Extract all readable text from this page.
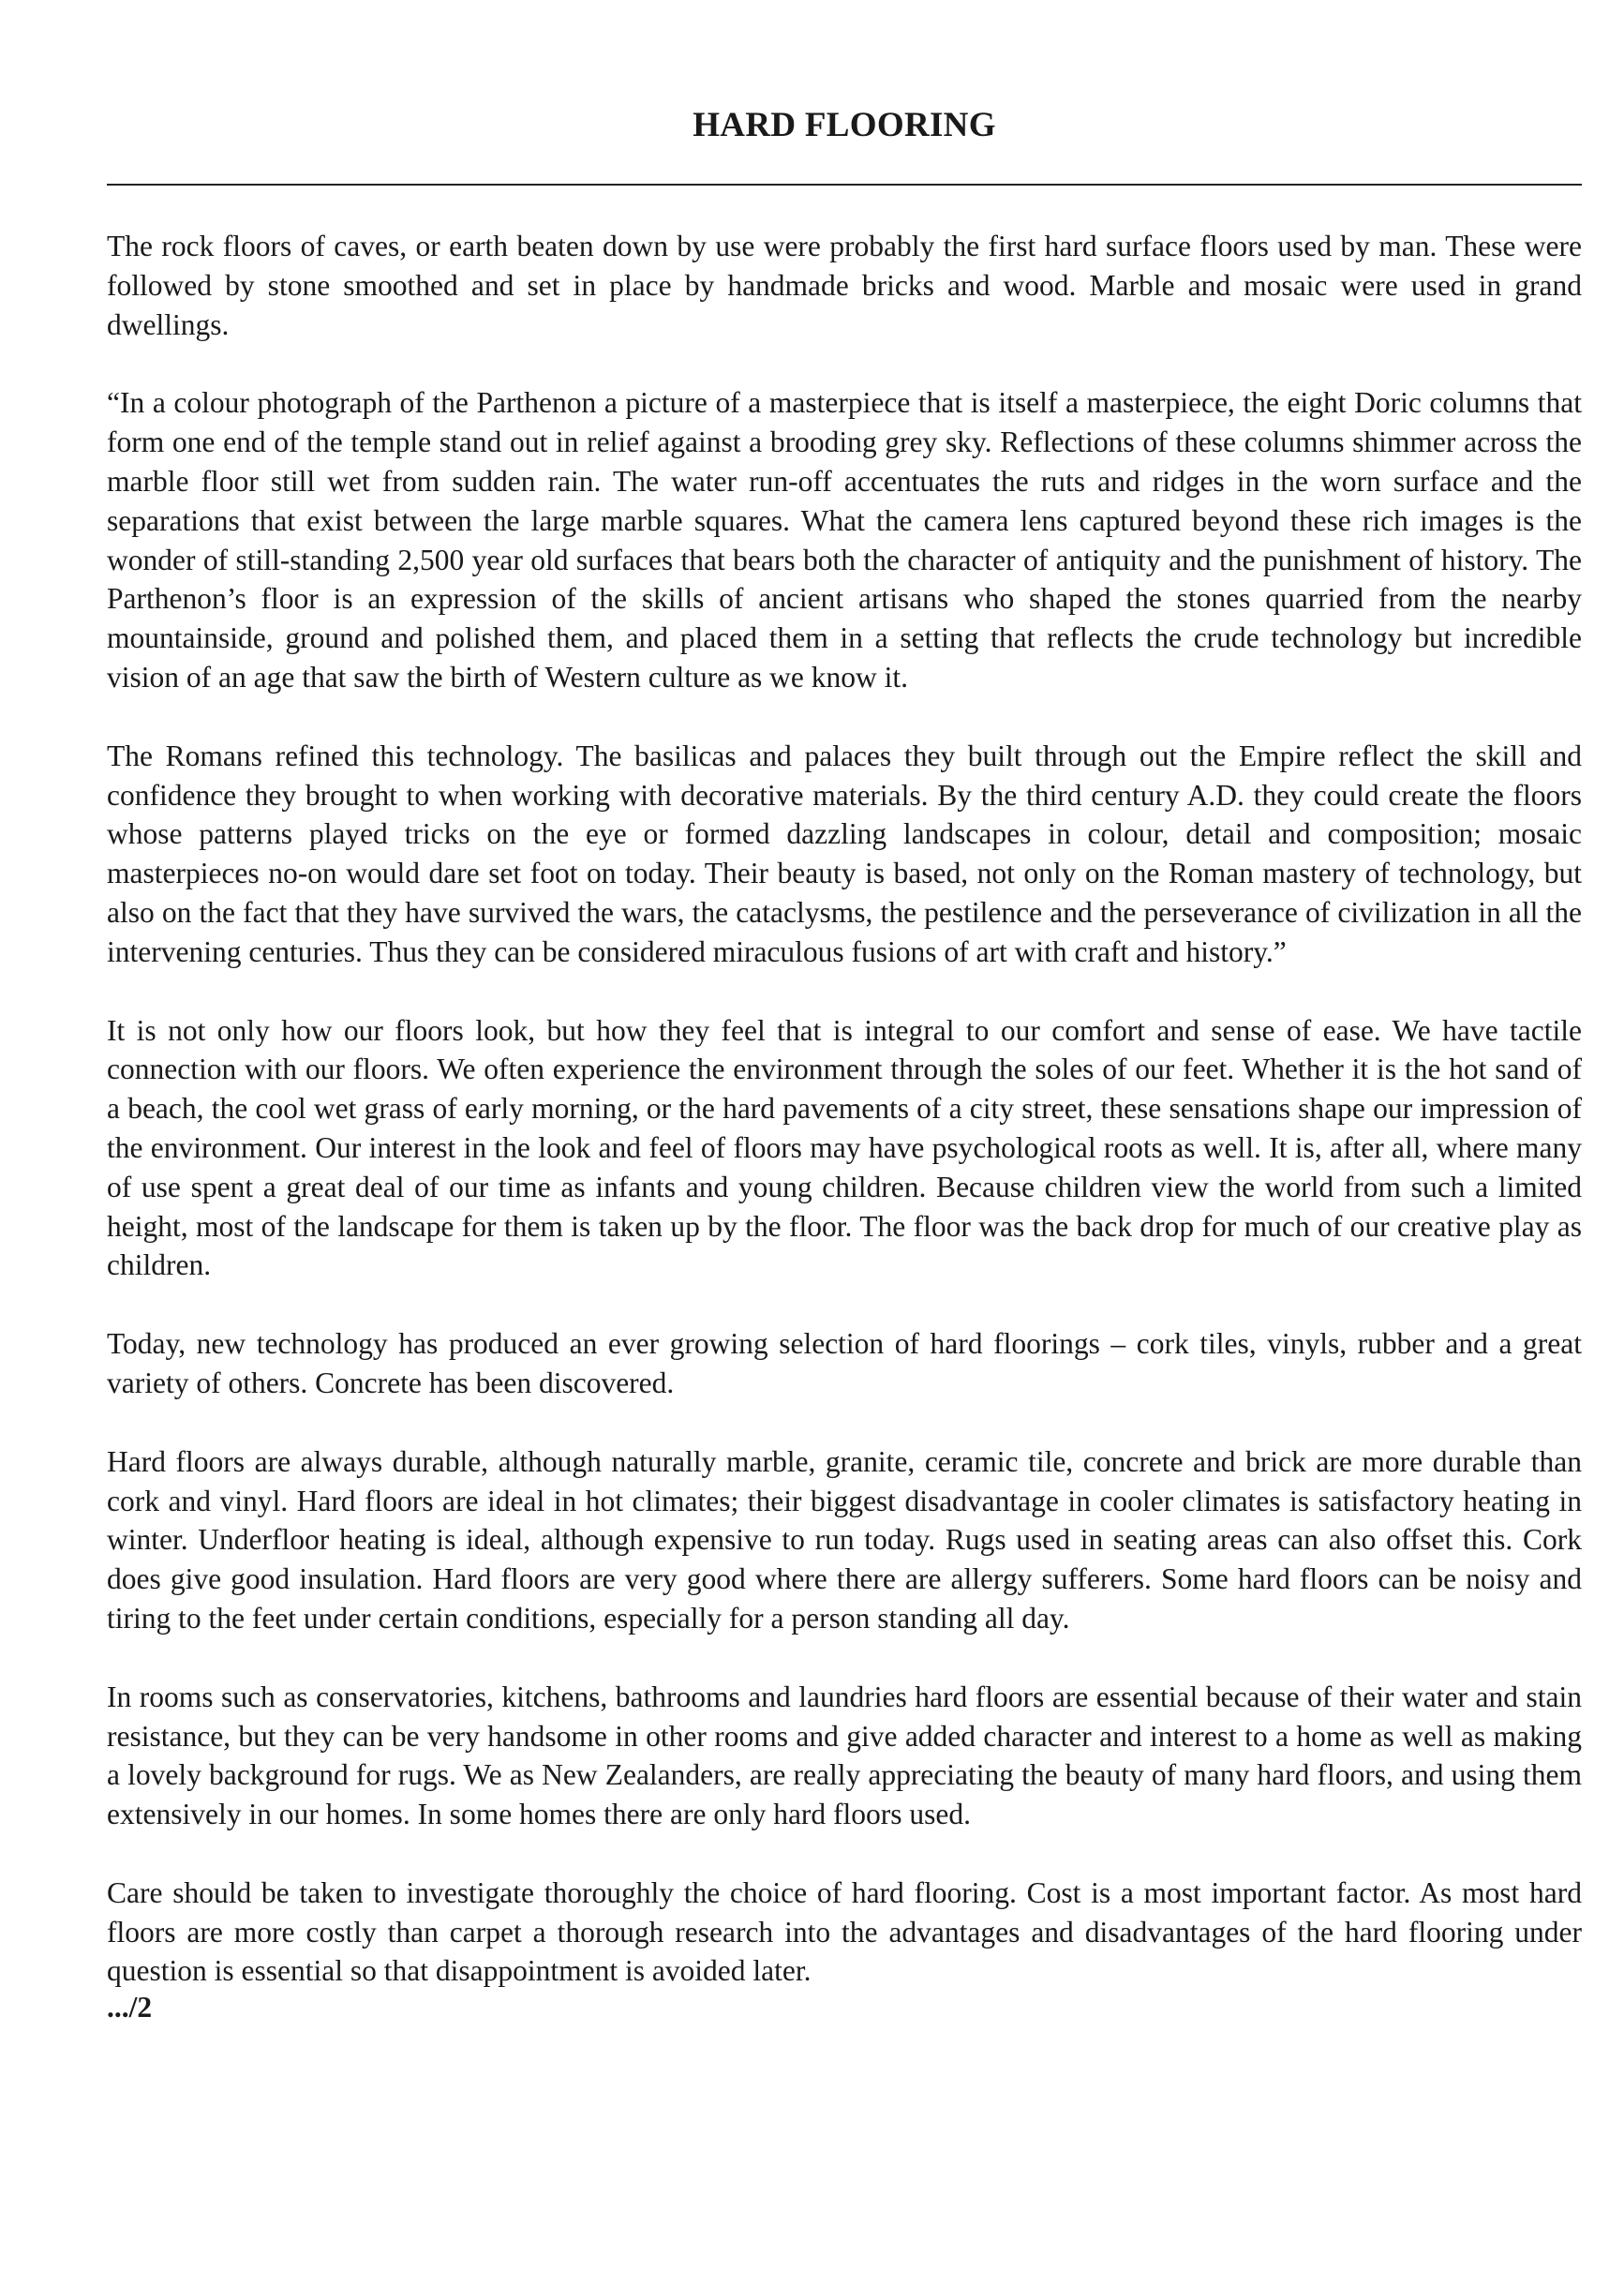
HARD FLOORING

The rock floors of caves, or earth beaten down by use were probably the first hard surface floors used by man. These were followed by stone smoothed and set in place by handmade bricks and wood. Marble and mosaic were used in grand dwellings.

“In a colour photograph of the Parthenon a picture of a masterpiece that is itself a masterpiece, the eight Doric columns that form one end of the temple stand out in relief against a brooding grey sky. Reflections of these columns shimmer across the marble floor still wet from sudden rain. The water run-off accentuates the ruts and ridges in the worn surface and the separations that exist between the large marble squares. What the camera lens captured beyond these rich images is the wonder of still-standing 2,500 year old surfaces that bears both the character of antiquity and the punishment of history. The Parthenon’s floor is an expression of the skills of ancient artisans who shaped the stones quarried from the nearby mountainside, ground and polished them, and placed them in a setting that reflects the crude technology but incredible vision of an age that saw the birth of Western culture as we know it.

The Romans refined this technology. The basilicas and palaces they built through out the Empire reflect the skill and confidence they brought to when working with decorative materials. By the third century A.D. they could create the floors whose patterns played tricks on the eye or formed dazzling landscapes in colour, detail and composition; mosaic masterpieces no-on would dare set foot on today. Their beauty is based, not only on the Roman mastery of technology, but also on the fact that they have survived the wars, the cataclysms, the pestilence and the perseverance of civilization in all the intervening centuries. Thus they can be considered miraculous fusions of art with craft and history.”

It is not only how our floors look, but how they feel that is integral to our comfort and sense of ease. We have tactile connection with our floors. We often experience the environment through the soles of our feet. Whether it is the hot sand of a beach, the cool wet grass of early morning, or the hard pavements of a city street, these sensations shape our impression of the environment. Our interest in the look and feel of floors may have psychological roots as well. It is, after all, where many of use spent a great deal of our time as infants and young children. Because children view the world from such a limited height, most of the landscape for them is taken up by the floor. The floor was the back drop for much of our creative play as children.

Today, new technology has produced an ever growing selection of hard floorings – cork tiles, vinyls, rubber and a great variety of others. Concrete has been discovered.

Hard floors are always durable, although naturally marble, granite, ceramic tile, concrete and brick are more durable than cork and vinyl. Hard floors are ideal in hot climates; their biggest disadvantage in cooler climates is satisfactory heating in winter. Underfloor heating is ideal, although expensive to run today. Rugs used in seating areas can also offset this. Cork does give good insulation. Hard floors are very good where there are allergy sufferers. Some hard floors can be noisy and tiring to the feet under certain conditions, especially for a person standing all day.

In rooms such as conservatories, kitchens, bathrooms and laundries hard floors are essential because of their water and stain resistance, but they can be very handsome in other rooms and give added character and interest to a home as well as making a lovely background for rugs. We as New Zealanders, are really appreciating the beauty of many hard floors, and using them extensively in our homes. In some homes there are only hard floors used.

Care should be taken to investigate thoroughly the choice of hard flooring. Cost is a most important factor. As most hard floors are more costly than carpet a thorough research into the advantages and disadvantages of the hard flooring under question is essential so that disappointment is avoided later.

.../2
